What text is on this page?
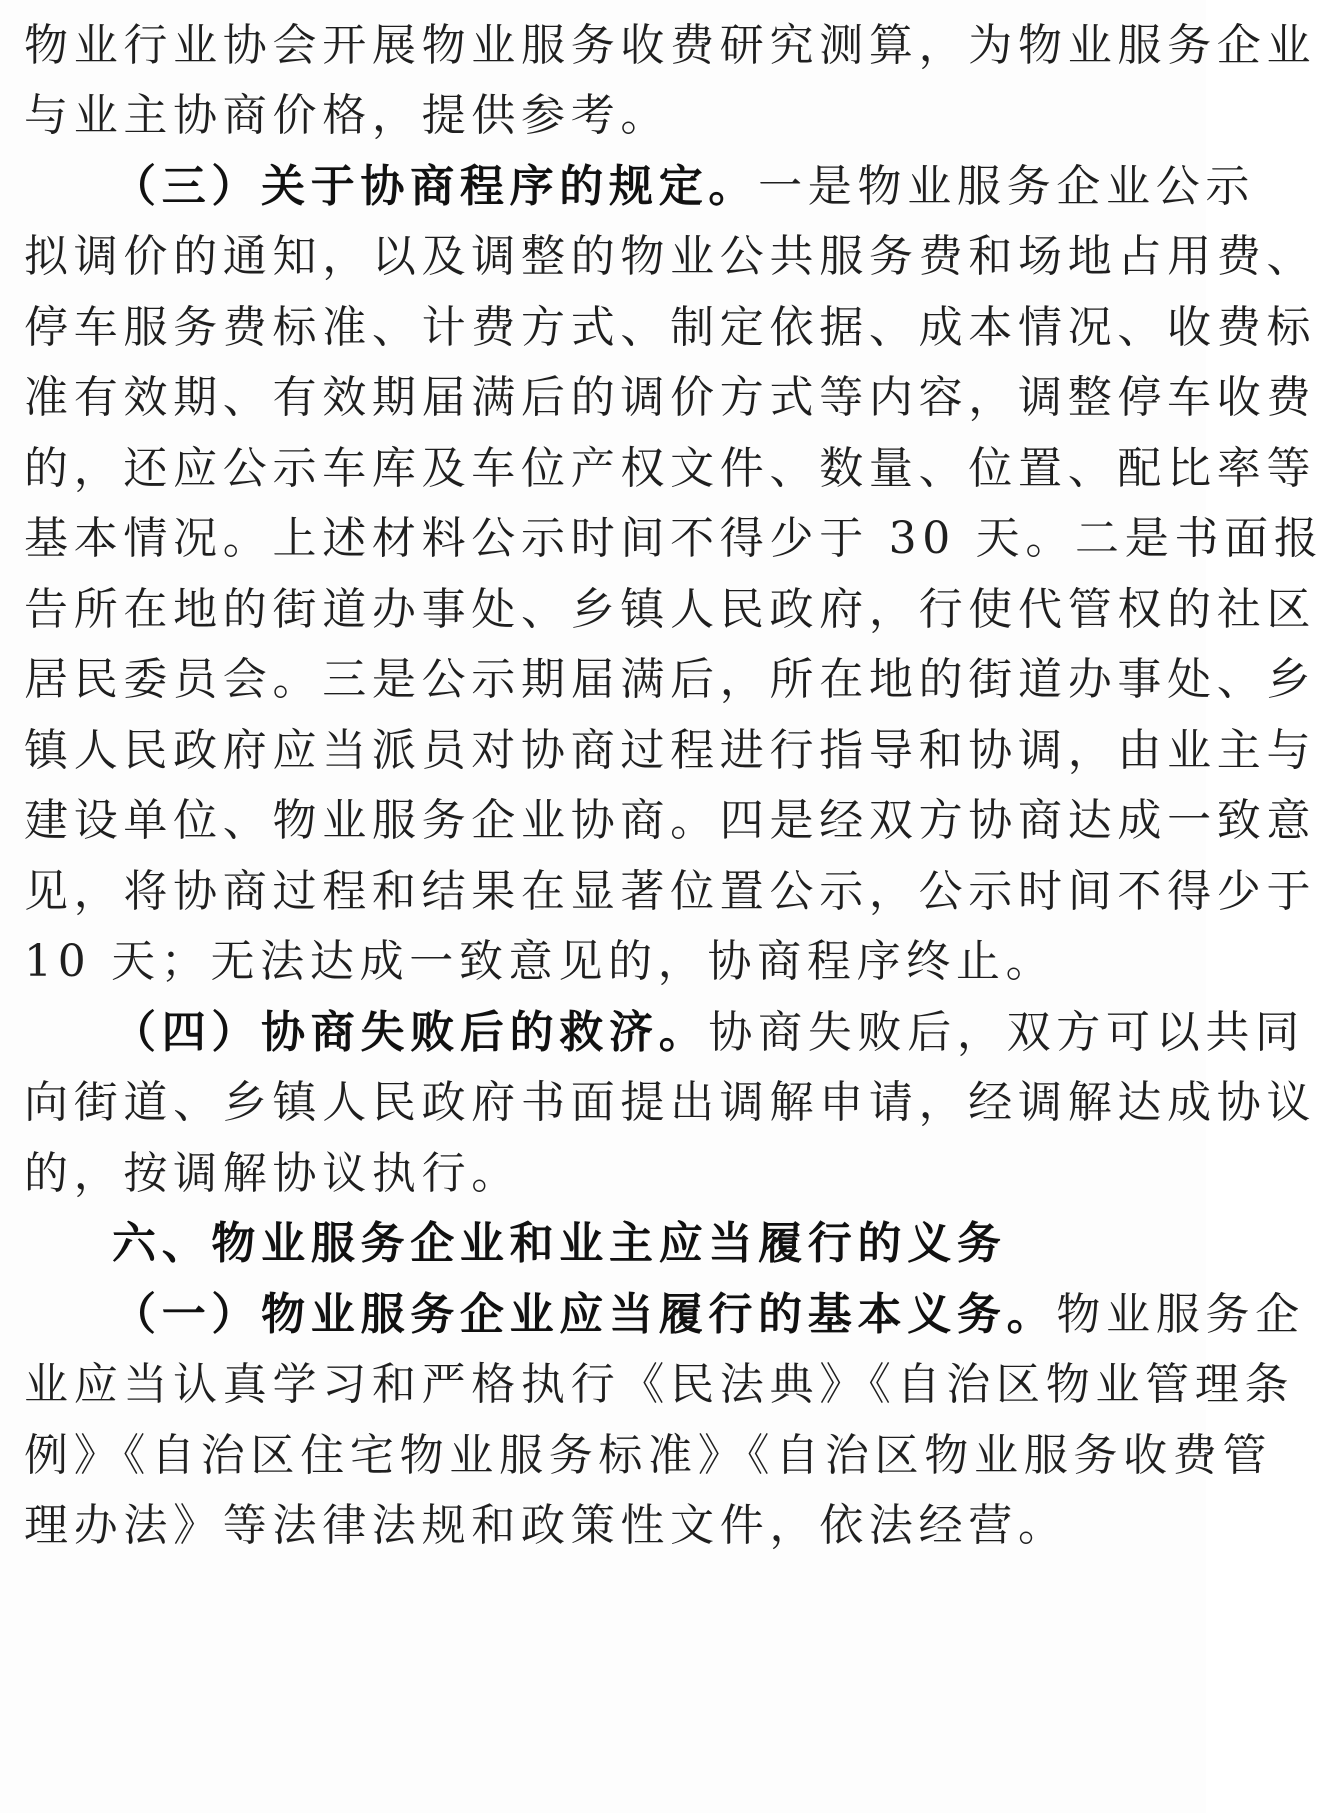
物业行业协会开展物业服务收费研究测算，为物业服务企业
与业主协商价格，提供参考。
（三）关于协商程序的规定。一是物业服务企业公示
拟调价的通知，以及调整的物业公共服务费和场地占用费、
停车服务费标准、计费方式、制定依据、成本情况、收费标
准有效期、有效期届满后的调价方式等内容，调整停车收费
的，还应公示车库及车位产权文件、数量、位置、配比率等
基本情况。上述材料公示时间不得少于 30 天。二是书面报
告所在地的街道办事处、乡镇人民政府，行使代管权的社区
居民委员会。三是公示期届满后，所在地的街道办事处、乡
镇人民政府应当派员对协商过程进行指导和协调，由业主与
建设单位、物业服务企业协商。四是经双方协商达成一致意
见，将协商过程和结果在显著位置公示，公示时间不得少于
10 天；无法达成一致意见的，协商程序终止。
（四）协商失败后的救济。协商失败后，双方可以共同
向街道、乡镇人民政府书面提出调解申请，经调解达成协议
的，按调解协议执行。
六、物业服务企业和业主应当履行的义务
（一）物业服务企业应当履行的基本义务。物业服务企
业应当认真学习和严格执行《民法典》《自治区物业管理条
例》《自治区住宅物业服务标准》《自治区物业服务收费管
理办法》等法律法规和政策性文件，依法经营。
